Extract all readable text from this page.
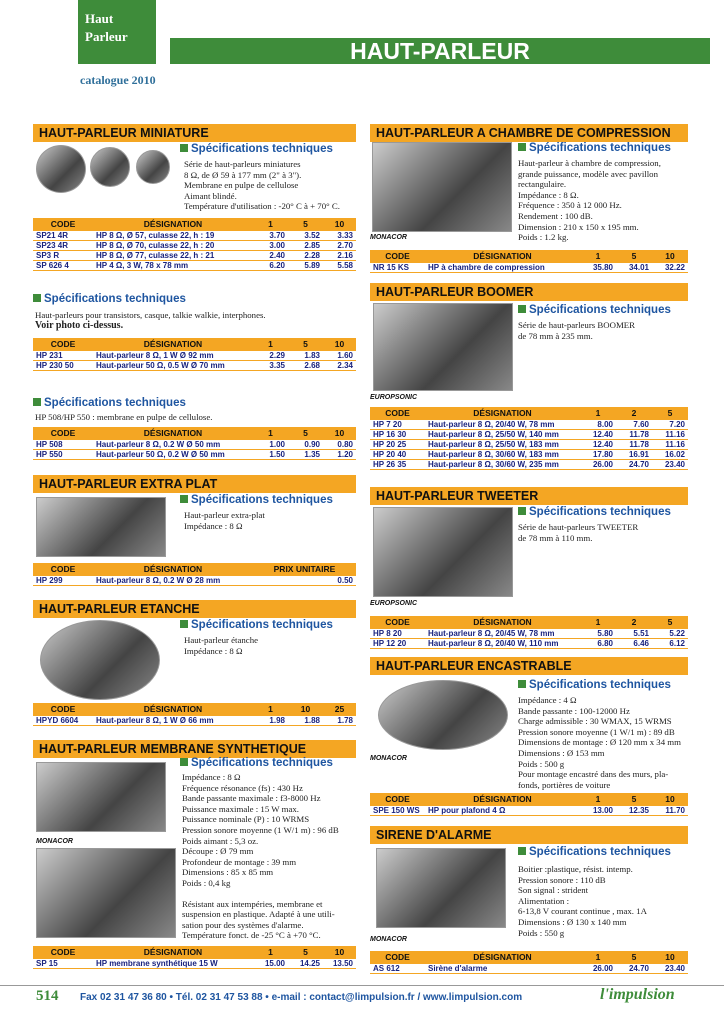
Haut
Parleur
HAUT-PARLEUR
catalogue 2010
HAUT-PARLEUR MINIATURE
Spécifications techniques
Série de haut-parleurs miniatures
8 Ω, de Ø 59 à 177 mm (2" à 3").
Membrane en pulpe de cellulose
Aimant blindé.
Température d'utilisation : -20° C à + 70° C.
CODE	DÉSIGNATION	1	5	10
SP21 4R	HP 8 Ω, Ø 57, culasse 22, h : 19	3.70	3.52	3.33
SP23 4R	HP 8 Ω, Ø 70, culasse 22, h : 20	3.00	2.85	2.70
SP3 R	HP 8 Ω, Ø 77, culasse 22, h : 21	2.40	2.28	2.16
SP 626 4	HP 4 Ω, 3 W, 78 x 78 mm	6.20	5.89	5.58
Spécifications techniques
Haut-parleurs pour transistors, casque, talkie walkie, interphones.
Voir photo ci-dessus.
CODE	DÉSIGNATION	1	5	10
HP 231	Haut-parleur 8 Ω, 1 W Ø 92 mm	2.29	1.83	1.60
HP 230 50	Haut-parleur 50 Ω, 0.5 W Ø 70 mm	3.35	2.68	2.34
Spécifications techniques
HP 508/HP 550 : membrane en pulpe de cellulose.
CODE	DÉSIGNATION	1	5	10
HP 508	Haut-parleur 8 Ω, 0.2 W Ø 50 mm	1.00	0.90	0.80
HP 550	Haut-parleur 50 Ω, 0.2 W Ø 50 mm	1.50	1.35	1.20
HAUT-PARLEUR EXTRA PLAT
Spécifications techniques
Haut-parleur extra-plat
Impédance : 8 Ω
CODE	DÉSIGNATION	PRIX UNITAIRE
HP 299	Haut-parleur 8 Ω, 0.2 W Ø 28 mm	0.50
HAUT-PARLEUR ETANCHE
Spécifications techniques
Haut-parleur étanche
Impédance : 8 Ω
CODE	DÉSIGNATION	1	10	25
HPYD 6604	Haut-parleur 8 Ω, 1 W Ø 66 mm	1.98	1.88	1.78
HAUT-PARLEUR MEMBRANE SYNTHETIQUE
MONACOR
Spécifications techniques
Impédance : 8 Ω
Fréquence résonance (fs) : 430 Hz
Bande passante maximale : f3-8000 Hz
Puissance maximale : 15 W max.
Puissance nominale (P) : 10 WRMS
Pression sonore moyenne (1 W/1 m) : 96 dB
Poids aimant : 5,3 oz.
Découpe : Ø 79 mm
Profondeur de montage : 39 mm
Dimensions : 85 x 85 mm
Poids : 0,4 kg
Résistant aux intempéries, membrane et
suspension en plastique. Adapté à une utili-
sation pour des systèmes d'alarme.
Température fonct. de -25 °C à +70 °C.
CODE	DÉSIGNATION	1	5	10
SP 15	HP membrane synthétique 15 W	15.00	14.25	13.50
HAUT-PARLEUR A CHAMBRE DE COMPRESSION
MONACOR
Spécifications techniques
Haut-parleur à chambre de compression,
grande puissance, modèle avec pavillon
rectangulaire.
Impédance : 8 Ω.
Fréquence : 350 à 12 000 Hz.
Rendement : 100 dB.
Dimension : 210 x 150 x 195 mm.
Poids : 1.2 kg.
CODE	DÉSIGNATION	1	5	10
NR 15 KS	HP à chambre de compression	35.80	34.01	32.22
HAUT-PARLEUR BOOMER
EUROPSONIC
Spécifications techniques
Série de haut-parleurs BOOMER
de 78 mm à 235 mm.
CODE	DÉSIGNATION	1	2	5
HP 7 20	Haut-parleur 8 Ω, 20/40 W, 78 mm	8.00	7.60	7.20
HP 16 30	Haut-parleur 8 Ω, 25/50 W, 140 mm	12.40	11.78	11.16
HP 20 25	Haut-parleur 8 Ω, 25/50 W, 183 mm	12.40	11.78	11.16
HP 20 40	Haut-parleur 8 Ω, 30/60 W, 183 mm	17.80	16.91	16.02
HP 26 35	Haut-parleur 8 Ω, 30/60 W, 235 mm	26.00	24.70	23.40
HAUT-PARLEUR TWEETER
EUROPSONIC
Spécifications techniques
Série de haut-parleurs TWEETER
de 78 mm à 110 mm.
CODE	DÉSIGNATION	1	2	5
HP 8 20	Haut-parleur 8 Ω, 20/45 W, 78 mm	5.80	5.51	5.22
HP 12 20	Haut-parleur 8 Ω, 20/40 W, 110 mm	6.80	6.46	6.12
HAUT-PARLEUR ENCASTRABLE
MONACOR
Spécifications techniques
Impédance : 4 Ω
Bande passante : 100-12000 Hz
Charge admissible : 30 WMAX, 15 WRMS
Pression sonore moyenne (1 W/1 m) : 89 dB
Dimensions de montage : Ø 120 mm x 34 mm
Dimensions : Ø 153 mm
Poids : 500 g
Pour montage encastré dans des murs, pla-
fonds, portières de voiture
CODE	DÉSIGNATION	1	5	10
SPE 150 WS	HP pour plafond 4 Ω	13.00	12.35	11.70
SIRENE D'ALARME
MONACOR
Spécifications techniques
Boitier :plastique, résist. intemp.
Pression sonore : 110 dB
Son signal : strident
Alimentation :
6-13,8 V courant continue , max. 1A
Dimensions : Ø 130 x 140 mm
Poids : 550 g
CODE	DÉSIGNATION	1	5	10
AS 612	Sirène d'alarme	26.00	24.70	23.40
514 Fax 02 31 47 36 80 • Tél. 02 31 47 53 88 • e-mail : contact@limpulsion.fr / www.limpulsion.com	l'impulsion
